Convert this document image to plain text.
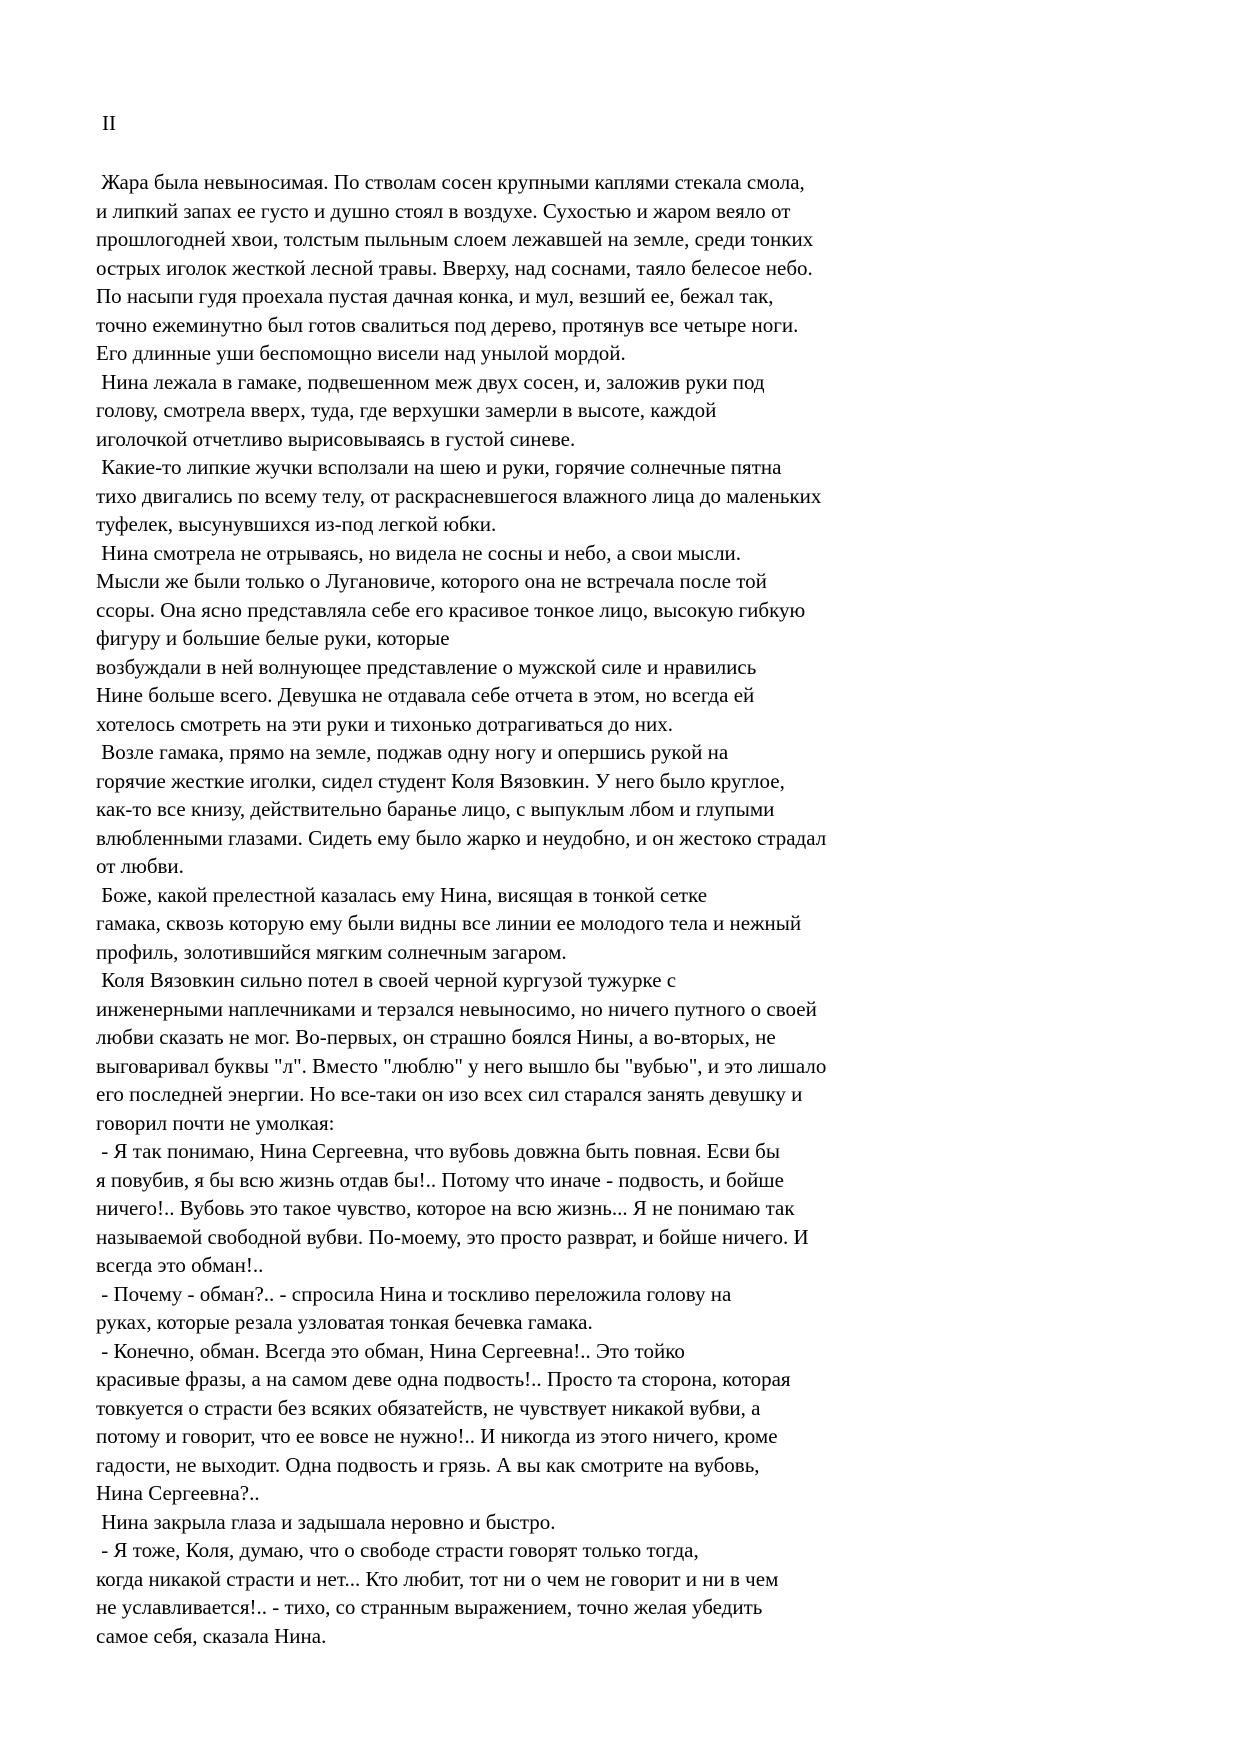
II
Жара была невыносимая. По стволам сосен крупными каплями стекала смола,
и липкий запах ее густо и душно стоял в воздухе. Сухостью и жаром веяло от
прошлогодней хвои, толстым пыльным слоем лежавшей на земле, среди тонких
острых иголок жесткой лесной травы. Вверху, над соснами, таяло белесое небо.
По насыпи гудя проехала пустая дачная конка, и мул, везший ее, бежал так,
точно ежеминутно был готов свалиться под дерево, протянув все четыре ноги.
Его длинные уши беспомощно висели над унылой мордой.
Нина лежала в гамаке, подвешенном меж двух сосен, и, заложив руки под
голову, смотрела вверх, туда, где верхушки замерли в высоте, каждой
иголочкой отчетливо вырисовываясь в густой синеве.
Какие-то липкие жучки всползали на шею и руки, горячие солнечные пятна
тихо двигались по всему телу, от раскрасневшегося влажного лица до маленьких
туфелек, высунувшихся из-под легкой юбки.
Нина смотрела не отрываясь, но видела не сосны и небо, а свои мысли.
Мысли же были только о Лугановиче, которого она не встречала после той
ссоры. Она ясно представляла себе его красивое тонкое лицо, высокую гибкую
фигуру и большие белые руки, которые
возбуждали в ней волнующее представление о мужской силе и нравились
Нине больше всего. Девушка не отдавала себе отчета в этом, но всегда ей
хотелось смотреть на эти руки и тихонько дотрагиваться до них.
Возле гамака, прямо на земле, поджав одну ногу и опершись рукой на
горячие жесткие иголки, сидел студент Коля Вязовкин. У него было круглое,
как-то все книзу, действительно баранье лицо, с выпуклым лбом и глупыми
влюбленными глазами. Сидеть ему было жарко и неудобно, и он жестоко страдал
от любви.
Боже, какой прелестной казалась ему Нина, висящая в тонкой сетке
гамака, сквозь которую ему были видны все линии ее молодого тела и нежный
профиль, золотившийся мягким солнечным загаром.
Коля Вязовкин сильно потел в своей черной кургузой тужурке с
инженерными наплечниками и терзался невыносимо, но ничего путного о своей
любви сказать не мог. Во-первых, он страшно боялся Нины, а во-вторых, не
выговаривал буквы "л". Вместо "люблю" у него вышло бы "вубью", и это лишало
его последней энергии. Но все-таки он изо всех сил старался занять девушку и
говорил почти не умолкая:
- Я так понимаю, Нина Сергеевна, что вубовь довжна быть повная. Есви бы
я повубив, я бы всю жизнь отдав бы!.. Потому что иначе - подвость, и бойше
ничего!.. Вубовь это такое чувство, которое на всю жизнь... Я не понимаю так
называемой свободной вубви. По-моему, это просто разврат, и бойше ничего. И
всегда это обман!..
- Почему - обман?.. - спросила Нина и тоскливо переложила голову на
руках, которые резала узловатая тонкая бечевка гамака.
- Конечно, обман. Всегда это обман, Нина Сергеевна!.. Это тойко
красивые фразы, а на самом деве одна подвость!.. Просто та сторона, которая
товкуется о страсти без всяких обязатейств, не чувствует никакой вубви, а
потому и говорит, что ее вовсе не нужно!.. И никогда из этого ничего, кроме
гадости, не выходит. Одна подвость и грязь. А вы как смотрите на вубовь,
Нина Сергеевна?..
Нина закрыла глаза и задышала неровно и быстро.
- Я тоже, Коля, думаю, что о свободе страсти говорят только тогда,
когда никакой страсти и нет... Кто любит, тот ни о чем не говорит и ни в чем
не уславливается!.. - тихо, со странным выражением, точно желая убедить
самое себя, сказала Нина.
